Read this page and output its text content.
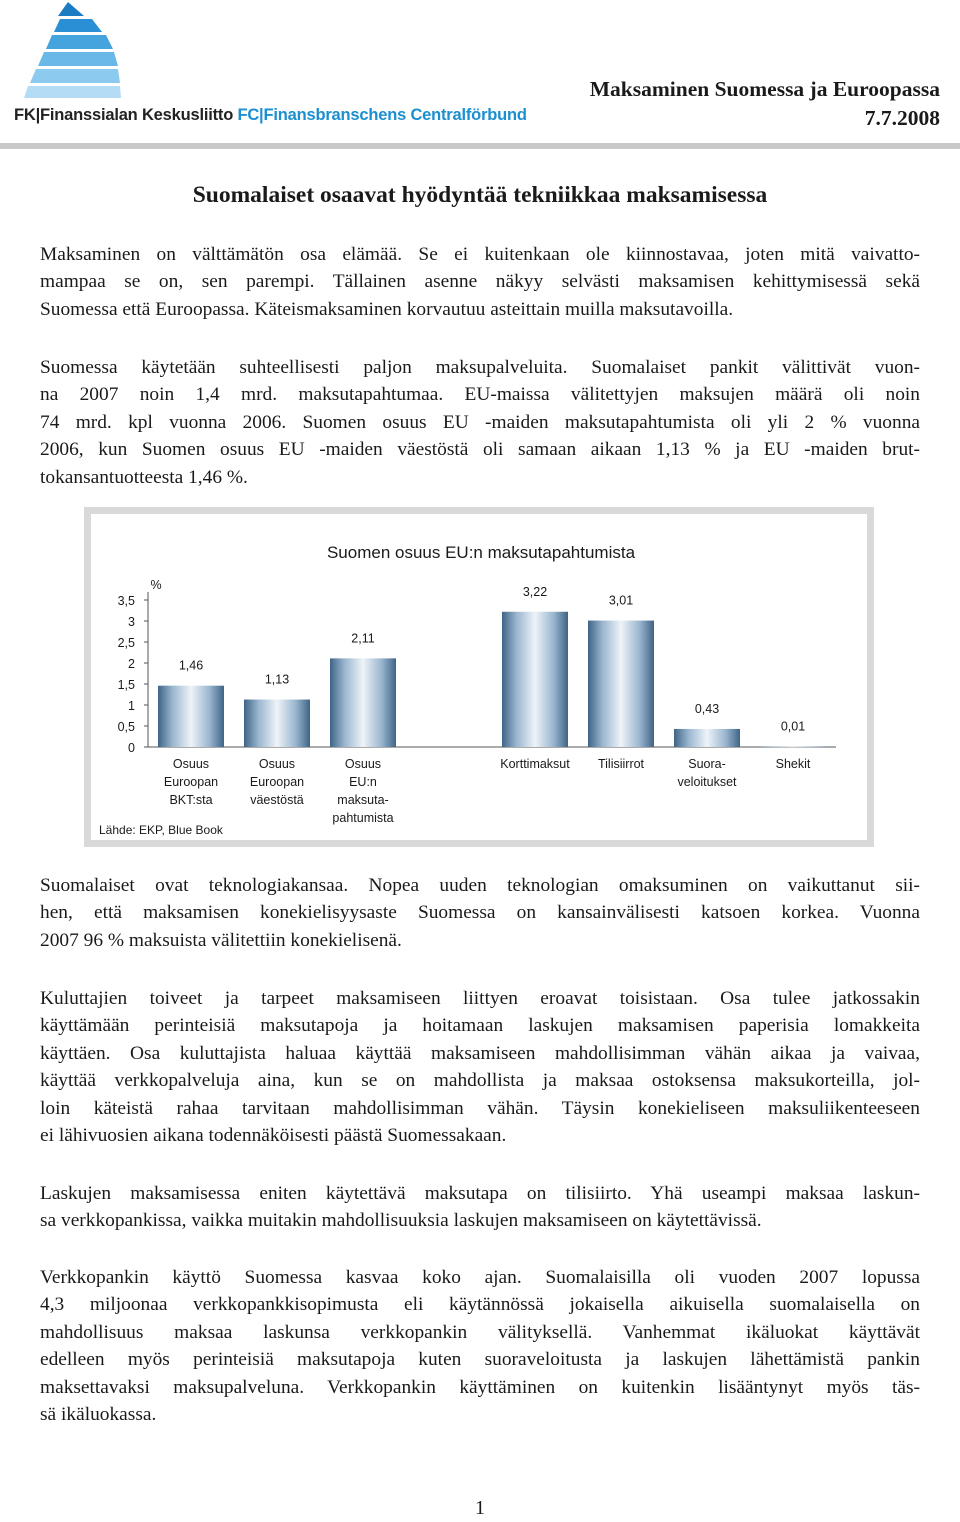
FK|Finanssialan Keskusliitto FC|Finansbranschens Centralförbund
Maksaminen Suomessa ja Euroopassa
7.7.2008
Suomalaiset osaavat hyödyntää tekniikkaa maksamisessa
Maksaminen on välttämätön osa elämää. Se ei kuitenkaan ole kiinnostavaa, joten mitä vaivatto-
mampaa se on, sen parempi. Tällainen asenne näkyy selvästi maksamisen kehittymisessä sekä
Suomessa että Euroopassa. Käteismaksaminen korvautuu asteittain muilla maksutavoilla.
Suomessa käytetään suhteellisesti paljon maksupalveluita. Suomalaiset pankit välittivät vuon-
na 2007 noin 1,4 mrd. maksutapahtumaa. EU-maissa välitettyjen maksujen määrä oli noin
74 mrd. kpl vuonna 2006. Suomen osuus EU -maiden maksutapahtumista oli yli 2 % vuonna
2006, kun Suomen osuus EU -maiden väestöstä oli samaan aikaan 1,13 % ja EU -maiden brut-
tokansantuotteesta 1,46 %.
Suomen osuus EU:n maksutapahtumista
%
3,5
3
2,5
2
1,5
1
0,5
0
1,46
Osuus
Euroopan
BKT:sta
1,13
Osuus
Euroopan
väestöstä
2,11
Osuus
EU:n
maksuta-
pahtumista
3,22
Korttimaksut
3,01
Tilisiirrot
0,43
Suora-
veloitukset
0,01
Shekit
Lähde: EKP, Blue Book
Suomalaiset ovat teknologiakansaa. Nopea uuden teknologian omaksuminen on vaikuttanut sii-
hen, että maksamisen konekielisyysaste Suomessa on kansainvälisesti katsoen korkea. Vuonna
2007 96 % maksuista välitettiin konekielisenä.
Kuluttajien toiveet ja tarpeet maksamiseen liittyen eroavat toisistaan. Osa tulee jatkossakin
käyttämään perinteisiä maksutapoja ja hoitamaan laskujen maksamisen paperisia lomakkeita
käyttäen. Osa kuluttajista haluaa käyttää maksamiseen mahdollisimman vähän aikaa ja vaivaa,
käyttää verkkopalveluja aina, kun se on mahdollista ja maksaa ostoksensa maksukorteilla, jol-
loin käteistä rahaa tarvitaan mahdollisimman vähän. Täysin konekieliseen maksuliikenteeseen
ei lähivuosien aikana todennäköisesti päästä Suomessakaan.
Laskujen maksamisessa eniten käytettävä maksutapa on tilisiirto. Yhä useampi maksaa laskun-
sa verkkopankissa, vaikka muitakin mahdollisuuksia laskujen maksamiseen on käytettävissä.
Verkkopankin käyttö Suomessa kasvaa koko ajan. Suomalaisilla oli vuoden 2007 lopussa
4,3 miljoonaa verkkopankkisopimusta eli käytännössä jokaisella aikuisella suomalaisella on
mahdollisuus maksaa laskunsa verkkopankin välityksellä. Vanhemmat ikäluokat käyttävät
edelleen myös perinteisiä maksutapoja kuten suoraveloitusta ja laskujen lähettämistä pankin
maksettavaksi maksupalveluna. Verkkopankin käyttäminen on kuitenkin lisääntynyt myös täs-
sä ikäluokassa.
1
